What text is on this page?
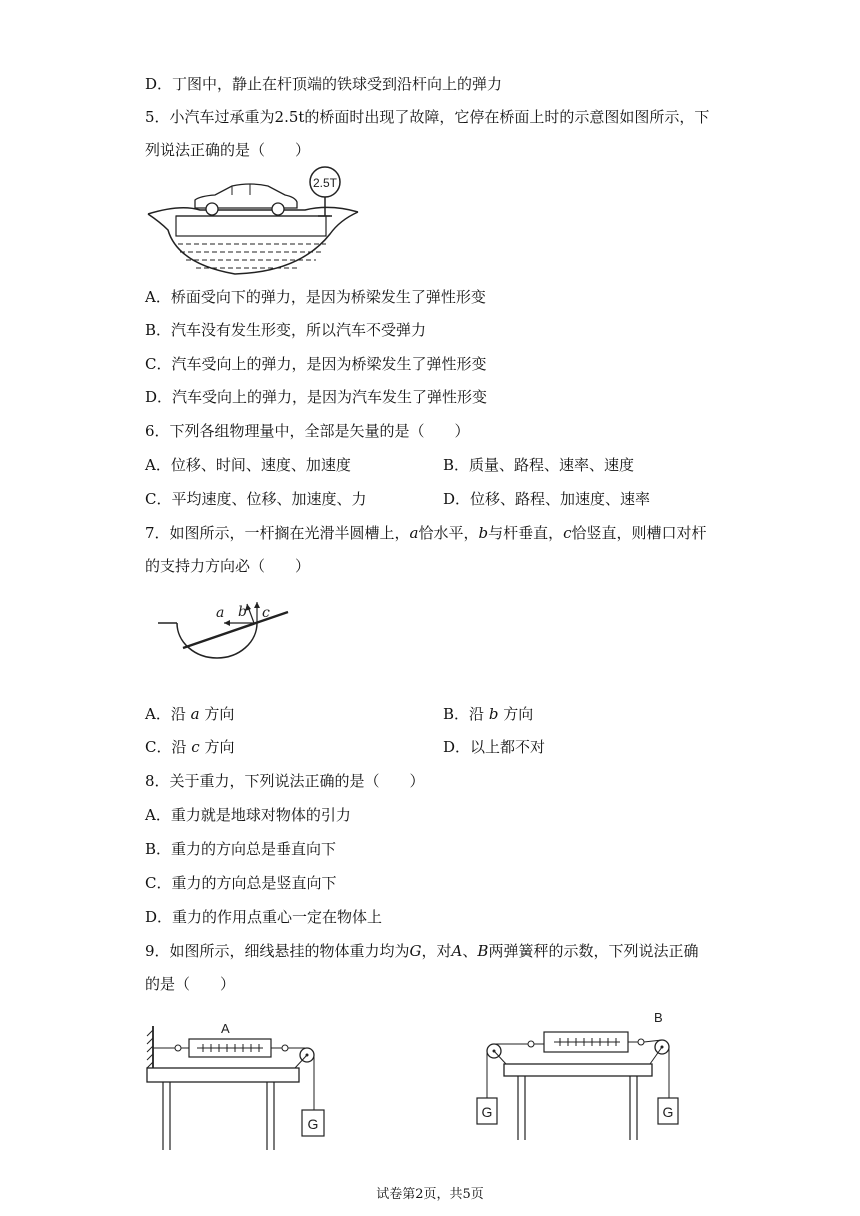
D．丁图中，静止在杆顶端的铁球受到沿杆向上的弹力
5．小汽车过承重为2.5t的桥面时出现了故障，它停在桥面上时的示意图如图所示，下
列说法正确的是（　　）
2.5T
A．桥面受向下的弹力，是因为桥梁发生了弹性形变
B．汽车没有发生形变，所以汽车不受弹力
C．汽车受向上的弹力，是因为桥梁发生了弹性形变
D．汽车受向上的弹力，是因为汽车发生了弹性形变
6．下列各组物理量中，全部是矢量的是（　　）
A．位移、时间、速度、加速度	B．质量、路程、速率、速度
C．平均速度、位移、加速度、力	D．位移、路程、加速度、速率
7．如图所示，一杆搁在光滑半圆槽上，a恰水平，b与杆垂直，c恰竖直，则槽口对杆
的支持力方向必（　　）
a b c
A．沿 a 方向	B．沿 b 方向
C．沿 c 方向	D．以上都不对
8．关于重力，下列说法正确的是（　　）
A．重力就是地球对物体的引力
B．重力的方向总是垂直向下
C．重力的方向总是竖直向下
D．重力的作用点重心一定在物体上
9．如图所示，细线悬挂的物体重力均为G，对A、B两弹簧秤的示数，下列说法正确
的是（　　）
A
G
B
G	G
试卷第2页，共5页
